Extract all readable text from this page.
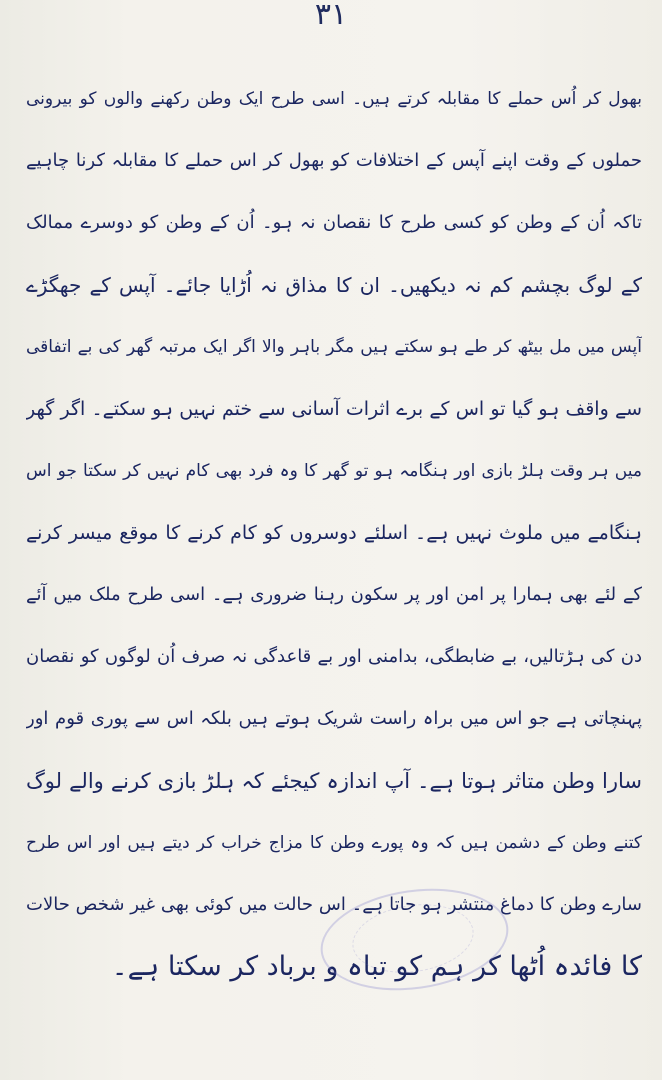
۳۱
بھول کر اُس حملے کا مقابلہ کرتے ہیں۔ اسی طرح ایک وطن رکھنے والوں کو بیرونی
حملوں کے وقت اپنے آپس کے اختلافات کو بھول کر اس حملے کا مقابلہ کرنا چاہیے
تاکہ اُن کے وطن کو کسی طرح کا نقصان نہ ہو۔ اُن کے وطن کو دوسرے ممالک
کے لوگ بچشم کم نہ دیکھیں۔ ان کا مذاق نہ اُڑایا جائے۔ آپس کے جھگڑے
آپس میں مل بیٹھ کر طے ہو سکتے ہیں مگر باہر والا اگر ایک مرتبہ گھر کی بے اتفاقی
سے واقف ہو گیا تو اس کے برے اثرات آسانی سے ختم نہیں ہو سکتے۔ اگر گھر
میں ہر وقت ہلڑ بازی اور ہنگامہ ہو تو گھر کا وہ فرد بھی کام نہیں کر سکتا جو اس
ہنگامے میں ملوث نہیں ہے۔ اسلئے دوسروں کو کام کرنے کا موقع میسر کرنے
کے لئے بھی ہمارا پر امن اور پر سکون رہنا ضروری ہے۔ اسی طرح ملک میں آئے
دن کی ہڑتالیں، بے ضابطگی، بدامنی اور بے قاعدگی نہ صرف اُن لوگوں کو نقصان
پہنچاتی ہے جو اس میں براہ راست شریک ہوتے ہیں بلکہ اس سے پوری قوم اور
سارا وطن متاثر ہوتا ہے۔ آپ اندازہ کیجئے کہ ہلڑ بازی کرنے والے لوگ
کتنے وطن کے دشمن ہیں کہ وہ پورے وطن کا مزاج خراب کر دیتے ہیں اور اس طرح
سارے وطن کا دماغ منتشر ہو جاتا ہے۔ اس حالت میں کوئی بھی غیر شخص حالات
کا فائدہ اُٹھا کر ہم کو تباہ و برباد کر سکتا ہے۔
